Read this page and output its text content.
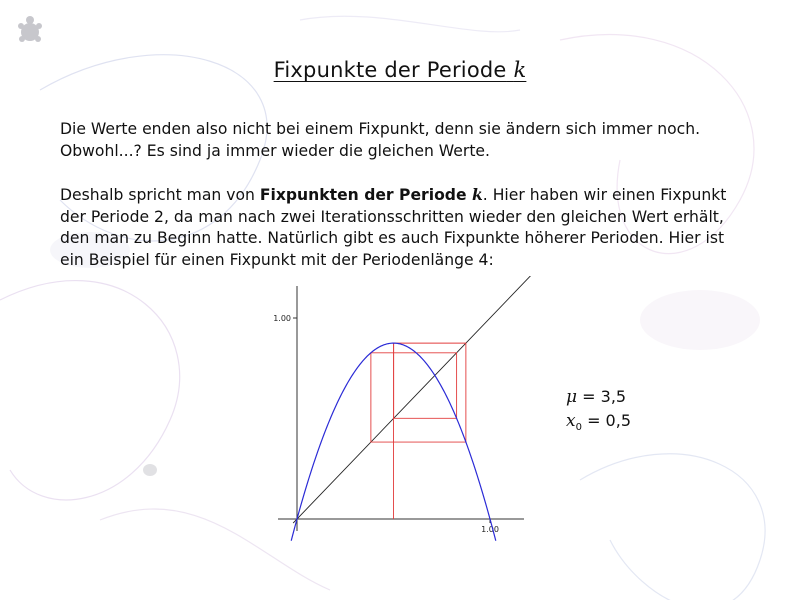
Fixpunkte der Periode k
Die Werte enden also nicht bei einem Fixpunkt, denn sie ändern sich immer noch. Obwohl...? Es sind ja immer wieder die gleichen Werte.
Deshalb spricht man von Fixpunkten der Periode k. Hier haben wir einen Fixpunkt der Periode 2, da man nach zwei Iterationsschritten wieder den gleichen Wert erhält, den man zu Beginn hatte. Natürlich gibt es auch Fixpunkte höherer Perioden. Hier ist ein Beispiel für einen Fixpunkt mit der Periodenlänge 4:
1.00
1.00
μ = 3,5
$x_0 = 0,5$
